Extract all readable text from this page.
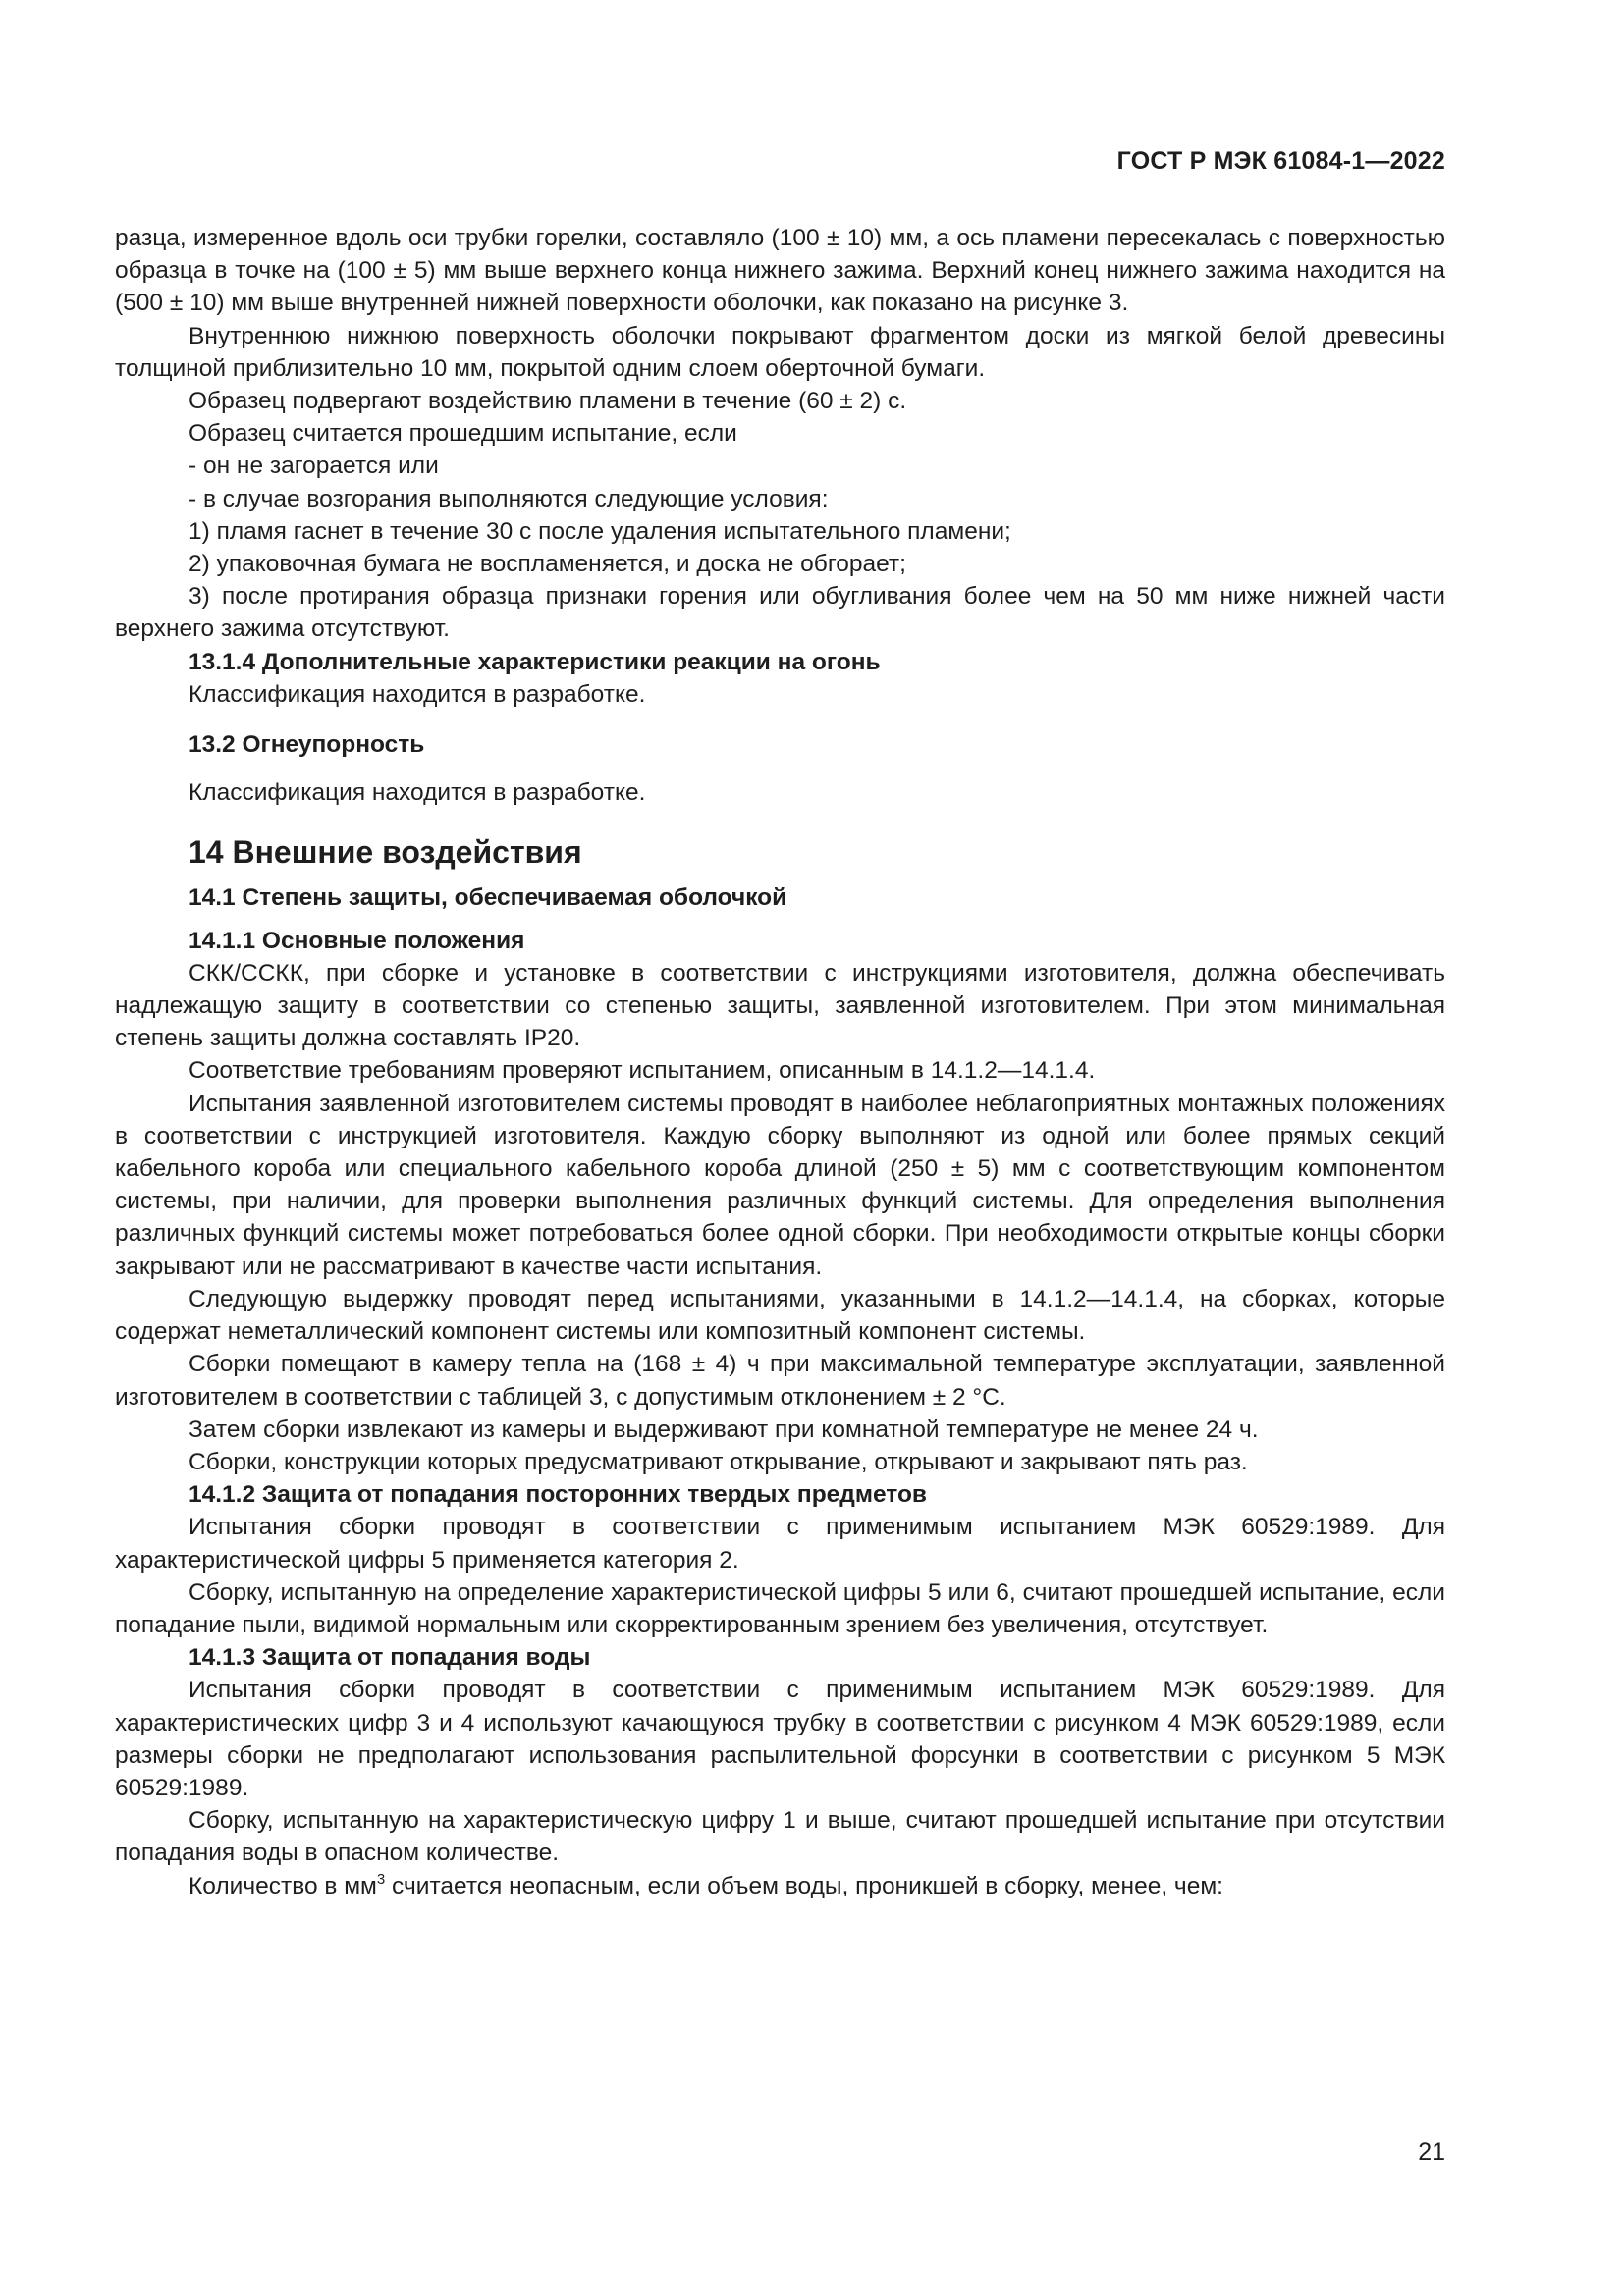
ГОСТ Р МЭК 61084-1—2022

разца, измеренное вдоль оси трубки горелки, составляло (100 ± 10) мм, а ось пламени пересекалась с поверхностью образца в точке на (100 ± 5) мм выше верхнего конца нижнего зажима. Верхний конец нижнего зажима находится на (500 ± 10) мм выше внутренней нижней поверхности оболочки, как показано на рисунке 3.

Внутреннюю нижнюю поверхность оболочки покрывают фрагментом доски из мягкой белой древесины толщиной приблизительно 10 мм, покрытой одним слоем оберточной бумаги.

Образец подвергают воздействию пламени в течение (60 ± 2) с.

Образец считается прошедшим испытание, если

- он не загорается или

- в случае возгорания выполняются следующие условия:

1) пламя гаснет в течение 30 с после удаления испытательного пламени;

2) упаковочная бумага не воспламеняется, и доска не обгорает;

3) после протирания образца признаки горения или обугливания более чем на 50 мм ниже нижней части верхнего зажима отсутствуют.

13.1.4 Дополнительные характеристики реакции на огонь

Классификация находится в разработке.

13.2 Огнеупорность

Классификация находится в разработке.

14 Внешние воздействия

14.1 Степень защиты, обеспечиваемая оболочкой

14.1.1 Основные положения

СКК/ССКК, при сборке и установке в соответствии с инструкциями изготовителя, должна обеспечивать надлежащую защиту в соответствии со степенью защиты, заявленной изготовителем. При этом минимальная степень защиты должна составлять IP20.

Соответствие требованиям проверяют испытанием, описанным в 14.1.2—14.1.4.

Испытания заявленной изготовителем системы проводят в наиболее неблагоприятных монтажных положениях в соответствии с инструкцией изготовителя. Каждую сборку выполняют из одной или более прямых секций кабельного короба или специального кабельного короба длиной (250 ± 5) мм с соответствующим компонентом системы, при наличии, для проверки выполнения различных функций системы. Для определения выполнения различных функций системы может потребоваться более одной сборки. При необходимости открытые концы сборки закрывают или не рассматривают в качестве части испытания.

Следующую выдержку проводят перед испытаниями, указанными в 14.1.2—14.1.4, на сборках, которые содержат неметаллический компонент системы или композитный компонент системы.

Сборки помещают в камеру тепла на (168 ± 4) ч при максимальной температуре эксплуатации, заявленной изготовителем в соответствии с таблицей 3, с допустимым отклонением ± 2 °С.

Затем сборки извлекают из камеры и выдерживают при комнатной температуре не менее 24 ч.

Сборки, конструкции которых предусматривают открывание, открывают и закрывают пять раз.

14.1.2 Защита от попадания посторонних твердых предметов

Испытания сборки проводят в соответствии с применимым испытанием МЭК 60529:1989. Для характеристической цифры 5 применяется категория 2.

Сборку, испытанную на определение характеристической цифры 5 или 6, считают прошедшей испытание, если попадание пыли, видимой нормальным или скорректированным зрением без увеличения, отсутствует.

14.1.3 Защита от попадания воды

Испытания сборки проводят в соответствии с применимым испытанием МЭК 60529:1989. Для характеристических цифр 3 и 4 используют качающуюся трубку в соответствии с рисунком 4 МЭК 60529:1989, если размеры сборки не предполагают использования распылительной форсунки в соответствии с рисунком 5 МЭК 60529:1989.

Сборку, испытанную на характеристическую цифру 1 и выше, считают прошедшей испытание при отсутствии попадания воды в опасном количестве.

Количество в $мм^3$ считается неопасным, если объем воды, проникшей в сборку, менее, чем:

21
